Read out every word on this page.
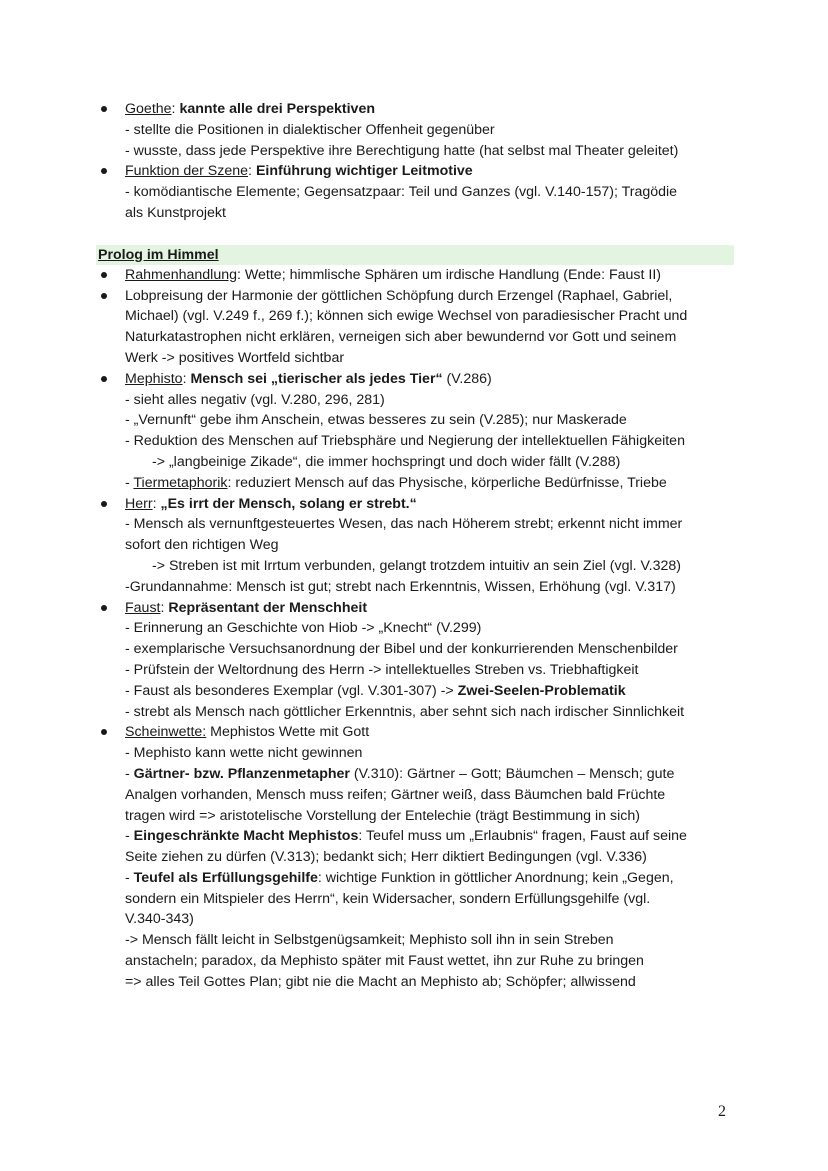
Goethe: kannte alle drei Perspektiven
- stellte die Positionen in dialektischer Offenheit gegenüber
- wusste, dass jede Perspektive ihre Berechtigung hatte (hat selbst mal Theater geleitet)
Funktion der Szene: Einführung wichtiger Leitmotive
- komödiantische Elemente; Gegensatzpaar: Teil und Ganzes (vgl. V.140-157); Tragödie
als Kunstprojekt
Prolog im Himmel
Rahmenhandlung: Wette; himmlische Sphären um irdische Handlung (Ende: Faust II)
Lobpreisung der Harmonie der göttlichen Schöpfung durch Erzengel (Raphael, Gabriel,
Michael) (vgl. V.249 f., 269 f.); können sich ewige Wechsel von paradiesischer Pracht und
Naturkatastrophen nicht erklären, verneigen sich aber bewundernd vor Gott und seinem
Werk -> positives Wortfeld sichtbar
Mephisto: Mensch sei „tierischer als jedes Tier“ (V.286)
- sieht alles negativ (vgl. V.280, 296, 281)
- „Vernunft“ gebe ihm Anschein, etwas besseres zu sein (V.285); nur Maskerade
- Reduktion des Menschen auf Triebsphäre und Negierung der intellektuellen Fähigkeiten
-> „langbeinige Zikade“, die immer hochspringt und doch wider fällt (V.288)
- Tiermetaphorik: reduziert Mensch auf das Physische, körperliche Bedürfnisse, Triebe
Herr: „Es irrt der Mensch, solang er strebt.“
- Mensch als vernunftgesteuertes Wesen, das nach Höherem strebt; erkennt nicht immer
sofort den richtigen Weg
-> Streben ist mit Irrtum verbunden, gelangt trotzdem intuitiv an sein Ziel (vgl. V.328)
-Grundannahme: Mensch ist gut; strebt nach Erkenntnis, Wissen, Erhöhung (vgl. V.317)
Faust: Repräsentant der Menschheit
- Erinnerung an Geschichte von Hiob -> „Knecht“ (V.299)
- exemplarische Versuchsanordnung der Bibel und der konkurrierenden Menschenbilder
- Prüfstein der Weltordnung des Herrn -> intellektuelles Streben vs. Triebhaftigkeit
- Faust als besonderes Exemplar (vgl. V.301-307) -> Zwei-Seelen-Problematik
- strebt als Mensch nach göttlicher Erkenntnis, aber sehnt sich nach irdischer Sinnlichkeit
Scheinwette: Mephistos Wette mit Gott
- Mephisto kann wette nicht gewinnen
- Gärtner- bzw. Pflanzenmetapher (V.310): Gärtner – Gott; Bäumchen – Mensch; gute
Analgen vorhanden, Mensch muss reifen; Gärtner weiß, dass Bäumchen bald Früchte
tragen wird => aristotelische Vorstellung der Entelechie (trägt Bestimmung in sich)
- Eingeschränkte Macht Mephistos: Teufel muss um „Erlaubnis“ fragen, Faust auf seine
Seite ziehen zu dürfen (V.313); bedankt sich; Herr diktiert Bedingungen (vgl. V.336)
- Teufel als Erfüllungsgehilfe: wichtige Funktion in göttlicher Anordnung; kein „Gegen,
sondern ein Mitspieler des Herrn“, kein Widersacher, sondern Erfüllungsgehilfe (vgl.
V.340-343)
-> Mensch fällt leicht in Selbstgenügsamkeit; Mephisto soll ihn in sein Streben
anstacheln; paradox, da Mephisto später mit Faust wettet, ihn zur Ruhe zu bringen
=> alles Teil Gottes Plan; gibt nie die Macht an Mephisto ab; Schöpfer; allwissend
2
